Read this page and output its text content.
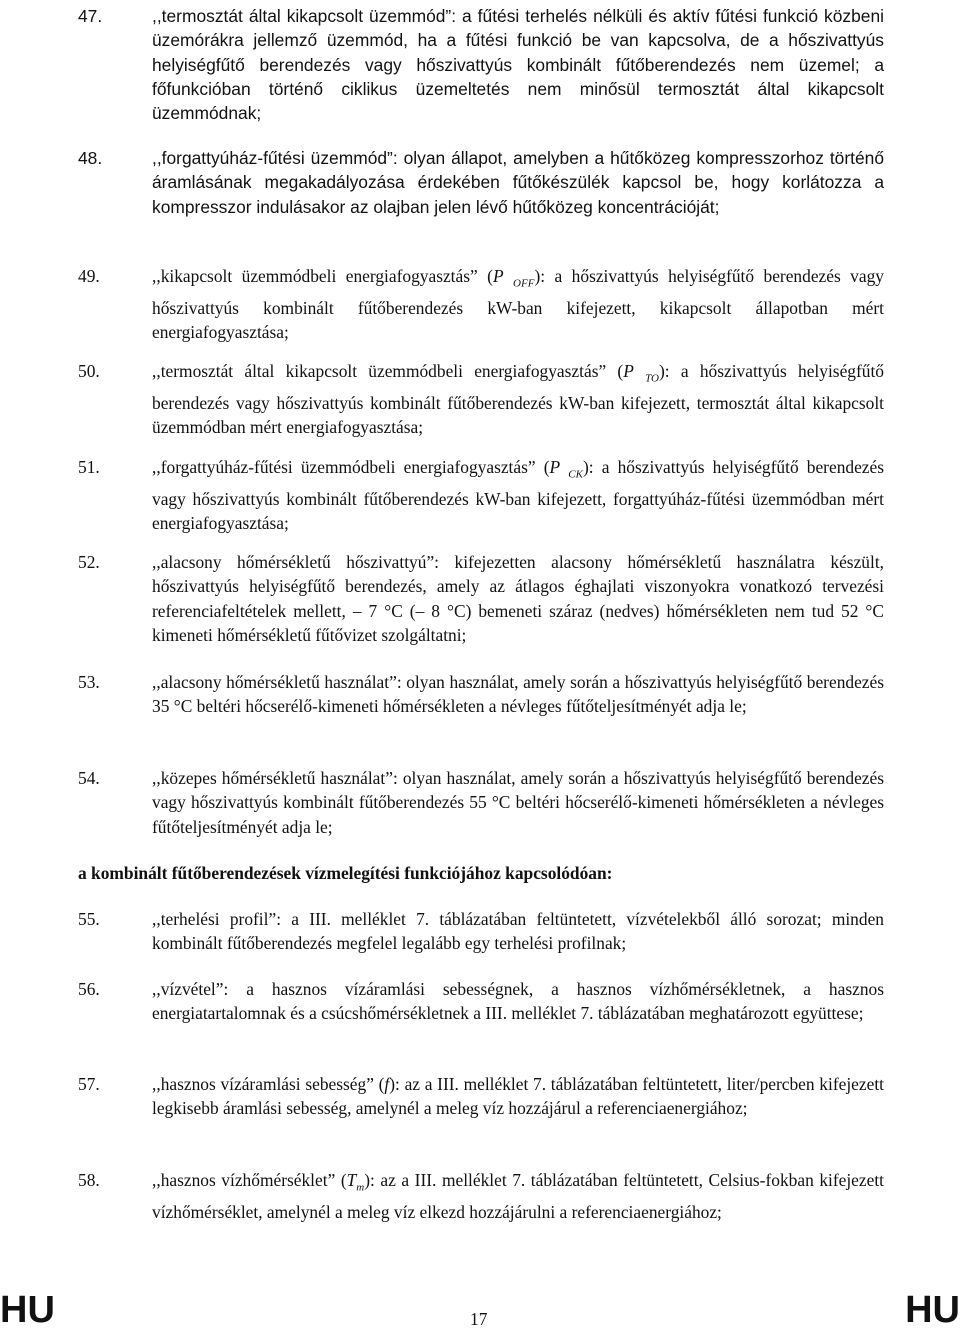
47.	,,termosztát által kikapcsolt üzemmód”: a fűtési terhelés nélküli és aktív fűtési funkció közbeni üzemórákra jellemző üzemmód, ha a fűtési funkció be van kapcsolva, de a hőszivattyús helyiségfűtő berendezés vagy hőszivattyús kombinált fűtőberendezés nem üzemel; a főfunkcióban történő ciklikus üzemeltetés nem minősül termosztát által kikapcsolt üzemmódnak;
48.	,,forgattyúház-fűtési üzemmód”: olyan állapot, amelyben a hűtőközeg kompresszorhoz történő áramlásának megakadályozása érdekében fűtőkészülék kapcsol be, hogy korlátozza a kompresszor indulásakor az olajban jelen lévő hűtőközeg koncentrációját;
49.	,,kikapcsolt üzemmódbeli energiafogyasztás” (P $_{OFF}$): a hőszivattyús helyiségfűtő berendezés vagy hőszivattyús kombinált fűtőberendezés kW-ban kifejezett, kikapcsolt állapotban mért energiafogyasztása;
50.	,,termosztát által kikapcsolt üzemmódbeli energiafogyasztás” (P $_{TO}$): a hőszivattyús helyiségfűtő berendezés vagy hőszivattyús kombinált fűtőberendezés kW-ban kifejezett, termosztát által kikapcsolt üzemmódban mért energiafogyasztása;
51.	,,forgattyúház-fűtési üzemmódbeli energiafogyasztás” (P $_{CK}$): a hőszivattyús helyiségfűtő berendezés vagy hőszivattyús kombinált fűtőberendezés kW-ban kifejezett, forgattyúház-fűtési üzemmódban mért energiafogyasztása;
52.	,,alacsony hőmérsékletű hőszivattyú”: kifejezetten alacsony hőmérsékletű használatra készült, hőszivattyús helyiségfűtő berendezés, amely az átlagos éghajlati viszonyokra vonatkozó tervezési referenciafeltételek mellett, – 7 °C (– 8 °C) bemeneti száraz (nedves) hőmérsékleten nem tud 52 °C kimeneti hőmérsékletű fűtővizet szolgáltatni;
53.	,,alacsony hőmérsékletű használat”: olyan használat, amely során a hőszivattyús helyiségfűtő berendezés 35 °C beltéri hőcserélő-kimeneti hőmérsékleten a névleges fűtőteljesítményét adja le;
54.	,,közepes hőmérsékletű használat”: olyan használat, amely során a hőszivattyús helyiségfűtő berendezés vagy hőszivattyús kombinált fűtőberendezés 55 °C beltéri hőcserélő-kimeneti hőmérsékleten a névleges fűtőteljesítményét adja le;
a kombinált fűtőberendezések vízmelegítési funkciójához kapcsolódóan:
55.	,,terhelési profil”: a III. melléklet 7. táblázatában feltüntetett, vízvételekből álló sorozat; minden kombinált fűtőberendezés megfelel legalább egy terhelési profilnak;
56.	,,vízvétel”: a hasznos vízáramlási sebességnek, a hasznos vízhőmérsékletnek, a hasznos energiatartalomnak és a csúcshőmérsékletnek a III. melléklet 7. táblázatában meghatározott együttese;
57.	,,hasznos vízáramlási sebesség” (f): az a III. melléklet 7. táblázatában feltüntetett, liter/percben kifejezett legkisebb áramlási sebesség, amelynél a meleg víz hozzájárul a referenciaenergiához;
58.	,,hasznos vízhőmérséklet” $(T_m)$: az a III. melléklet 7. táblázatában feltüntetett, Celsius-fokban kifejezett vízhőmérséklet, amelynél a meleg víz elkezd hozzájárulni a referenciaenergiához;
HU	17	HU
